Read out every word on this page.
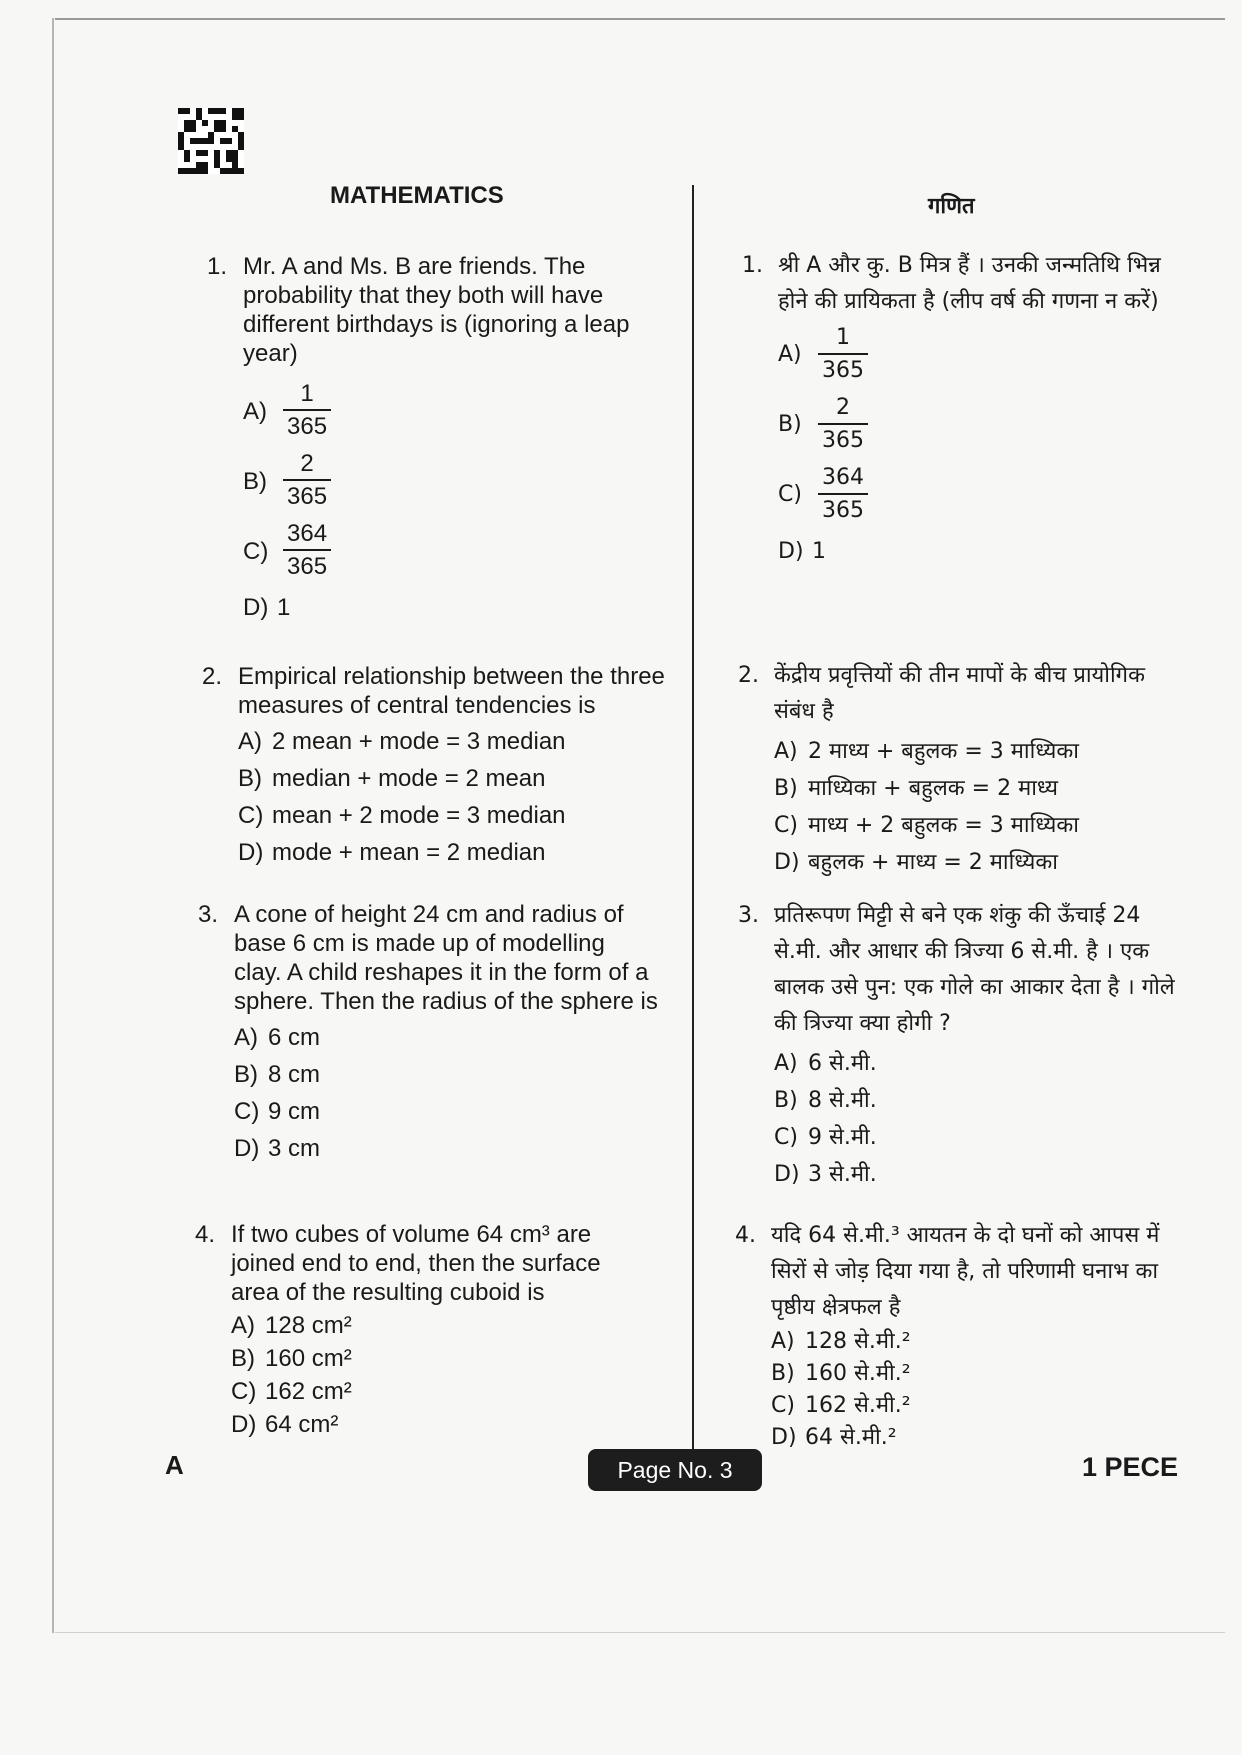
MATHEMATICS	गणित
1. Mr. A and Ms. B are friends. The probability that they both will have different birthdays is (ignoring a leap year)
$A) \frac{1}{365}$
$B) \frac{2}{365}$
$C) \frac{364}{365}$
D) 1
2. Empirical relationship between the three measures of central tendencies is
A) 2 mean + mode = 3 median
B) median + mode = 2 mean
C) mean + 2 mode = 3 median
D) mode + mean = 2 median
3. A cone of height 24 cm and radius of base 6 cm is made up of modelling clay. A child reshapes it in the form of a sphere. Then the radius of the sphere is
A) 6 cm
B) 8 cm
C) 9 cm
D) 3 cm
4. If two cubes of volume 64 cm³ are joined end to end, then the surface area of the resulting cuboid is
A) 128 cm²
B) 160 cm²
C) 162 cm²
D) 64 cm²
1. श्री A और कु. B मित्र हैं । उनकी जन्मतिथि भिन्न होने की प्रायिकता है (लीप वर्ष की गणना न करें)
$A) \frac{1}{365}$
$B) \frac{2}{365}$
$C) \frac{364}{365}$
D) 1
2. केंद्रीय प्रवृत्तियों की तीन मापों के बीच प्रायोगिक संबंध है
A) 2 माध्य + बहुलक = 3 माध्यिका
B) माध्यिका + बहुलक = 2 माध्य
C) माध्य + 2 बहुलक = 3 माध्यिका
D) बहुलक + माध्य = 2 माध्यिका
3. प्रतिरूपण मिट्टी से बने एक शंकु की ऊँचाई 24 से.मी. और आधार की त्रिज्या 6 से.मी. है । एक बालक उसे पुन: एक गोले का आकार देता है । गोले की त्रिज्या क्या होगी ?
A) 6 से.मी.
B) 8 से.मी.
C) 9 से.मी.
D) 3 से.मी.
4. यदि 64 से.मी.³ आयतन के दो घनों को आपस में सिरों से जोड़ दिया गया है, तो परिणामी घनाभ का पृष्ठीय क्षेत्रफल है
A) 128 से.मी.²
B) 160 से.मी.²
C) 162 से.मी.²
D) 64 से.मी.²
A	Page No. 3	1 PECE
